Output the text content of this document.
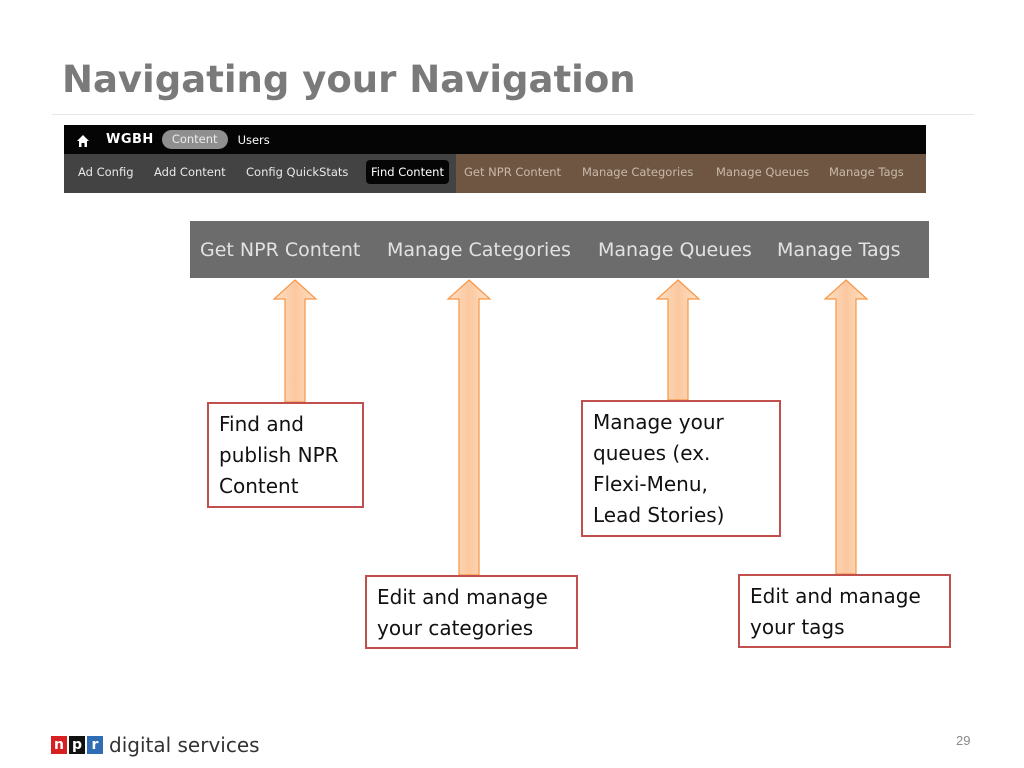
Navigating your Navigation
WGBH	Content	Users
Ad Config Add Content Config QuickStats	Find Content	Get NPR Content Manage Categories Manage Queues Manage Tags
Get NPR Content Manage Categories Manage Queues Manage Tags
Find and
publish NPR
Content
Edit and manage
your categories
Manage your
queues (ex.
Flexi-Menu,
Lead Stories)
Edit and manage
your tags
n p r digital services	29
